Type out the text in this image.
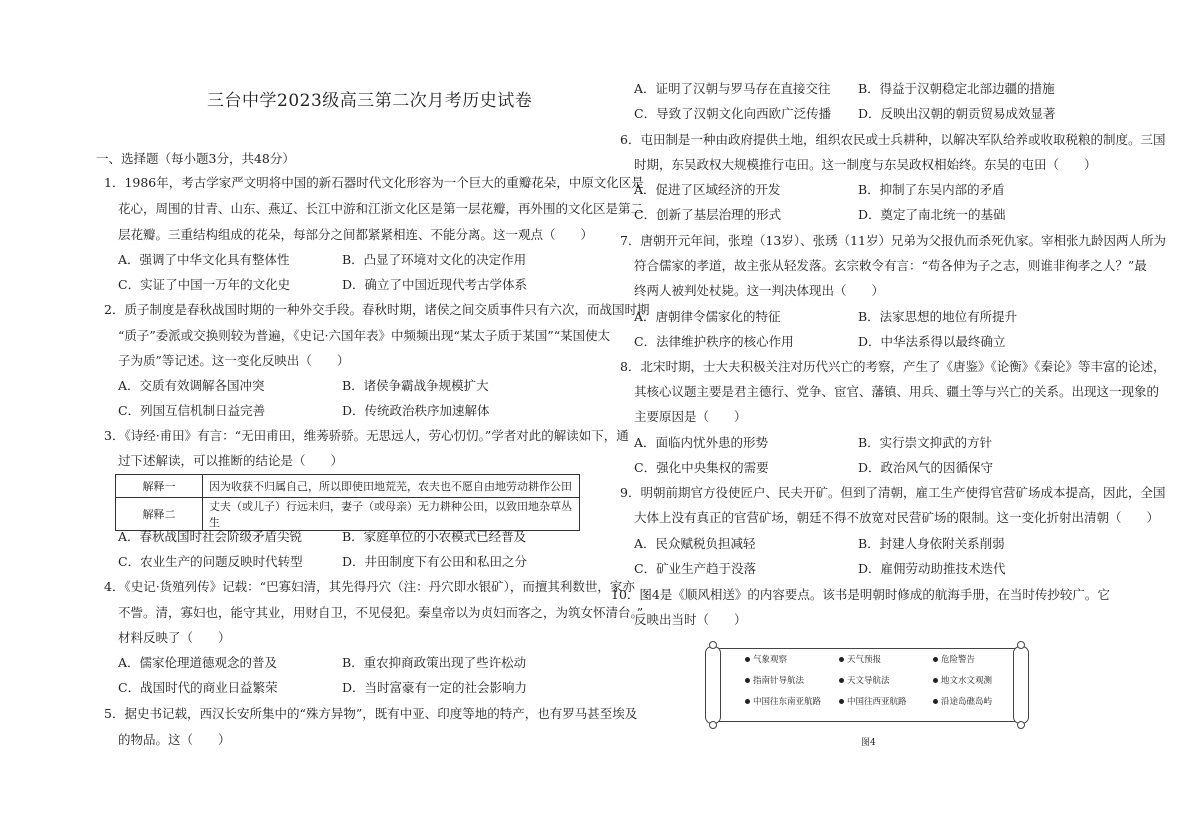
三台中学2023级高三第二次月考历史试卷
一、选择题（每小题3分，共48分）
1．1986年，考古学家严文明将中国的新石器时代文化形容为一个巨大的重瓣花朵，中原文化区是
花心，周围的甘青、山东、燕辽、长江中游和江浙文化区是第一层花瓣，再外围的文化区是第二
层花瓣。三重结构组成的花朵，每部分之间都紧紧相连、不能分离。这一观点（　　）
A．强调了中华文化具有整体性	B．凸显了环境对文化的决定作用
C．实证了中国一万年的文化史	D．确立了中国近现代考古学体系
2．质子制度是春秋战国时期的一种外交手段。春秋时期，诸侯之间交质事件只有六次，而战国时期
“质子”委派或交换则较为普遍，《史记·六国年表》中频频出现“某太子质于某国”“某国使太
子为质”等记述。这一变化反映出（　　）
A．交质有效调解各国冲突	B．诸侯争霸战争规模扩大
C．列国互信机制日益完善	D．传统政治秩序加速解体
3．《诗经·甫田》有言：“无田甫田，维莠骄骄。无思远人，劳心忉忉。”学者对此的解读如下，通
过下述解读，可以推断的结论是（　　）
解释一	因为收获不归属自己，所以即使田地荒芜，农夫也不愿自由地劳动耕作公田
解释二	丈夫（或儿子）行远未归，妻子（或母亲）无力耕种公田，以致田地杂草丛生
A．春秋战国时社会阶级矛盾尖锐	B．家庭单位的小农模式已经普及
C．农业生产的问题反映时代转型	D．井田制度下有公田和私田之分
4．《史记·货殖列传》记载：“巴寡妇清，其先得丹穴（注：丹穴即水银矿），而擅其利数世，家亦
不訾。清，寡妇也，能守其业，用财自卫，不见侵犯。秦皇帝以为贞妇而客之，为筑女怀清台。”
材料反映了（　　）
A．儒家伦理道德观念的普及	B．重农抑商政策出现了些许松动
C．战国时代的商业日益繁荣	D．当时富豪有一定的社会影响力
5．据史书记载，西汉长安所集中的“殊方异物”，既有中亚、印度等地的特产，也有罗马甚至埃及
的物品。这（　　）
A．证明了汉朝与罗马存在直接交往 B．得益于汉朝稳定北部边疆的措施
C．导致了汉朝文化向西欧广泛传播 D．反映出汉朝的朝贡贸易成效显著
6．屯田制是一种由政府提供土地，组织农民或士兵耕种，以解决军队给养或收取税粮的制度。三国
时期，东吴政权大规模推行屯田。这一制度与东吴政权相始终。东吴的屯田（　　）
A．促进了区域经济的开发	B．抑制了东吴内部的矛盾
C．创新了基层治理的形式	D．奠定了南北统一的基础
7．唐朝开元年间，张瑝（13岁）、张琇（11岁）兄弟为父报仇而杀死仇家。宰相张九龄因两人所为
符合儒家的孝道，故主张从轻发落。玄宗敕令有言：“苟各伸为子之志，则谁非徇孝之人？”最
终两人被判处杖毙。这一判决体现出（　　）
A．唐朝律令儒家化的特征	B．法家思想的地位有所提升
C．法律维护秩序的核心作用	D．中华法系得以最终确立
8．北宋时期，士大夫积极关注对历代兴亡的考察，产生了《唐鉴》《论衡》《秦论》等丰富的论述，
其核心议题主要是君主德行、党争、宦官、藩镇、用兵、疆土等与兴亡的关系。出现这一现象的
主要原因是（　　）
A．面临内忧外患的形势	B．实行崇文抑武的方针
C．强化中央集权的需要	D．政治风气的因循保守
9．明朝前期官方役使匠户、民夫开矿。但到了清朝，雇工生产使得官营矿场成本提高，因此，全国
大体上没有真正的官营矿场，朝廷不得不放宽对民营矿场的限制。这一变化折射出清朝（　　）
A．民众赋税负担减轻	B．封建人身依附关系削弱
C．矿业生产趋于没落	D．雇佣劳动助推技术迭代
10．图4是《顺风相送》的内容要点。该书是明朝时修成的航海手册，在当时传抄较广。它
反映出当时（　　）
气象观察	天气预报	危险警告
指南针导航法	天文导航法	地文水文观测
中国往东南亚航路	中国往西亚航路	沿途岛礁岛屿
图4
